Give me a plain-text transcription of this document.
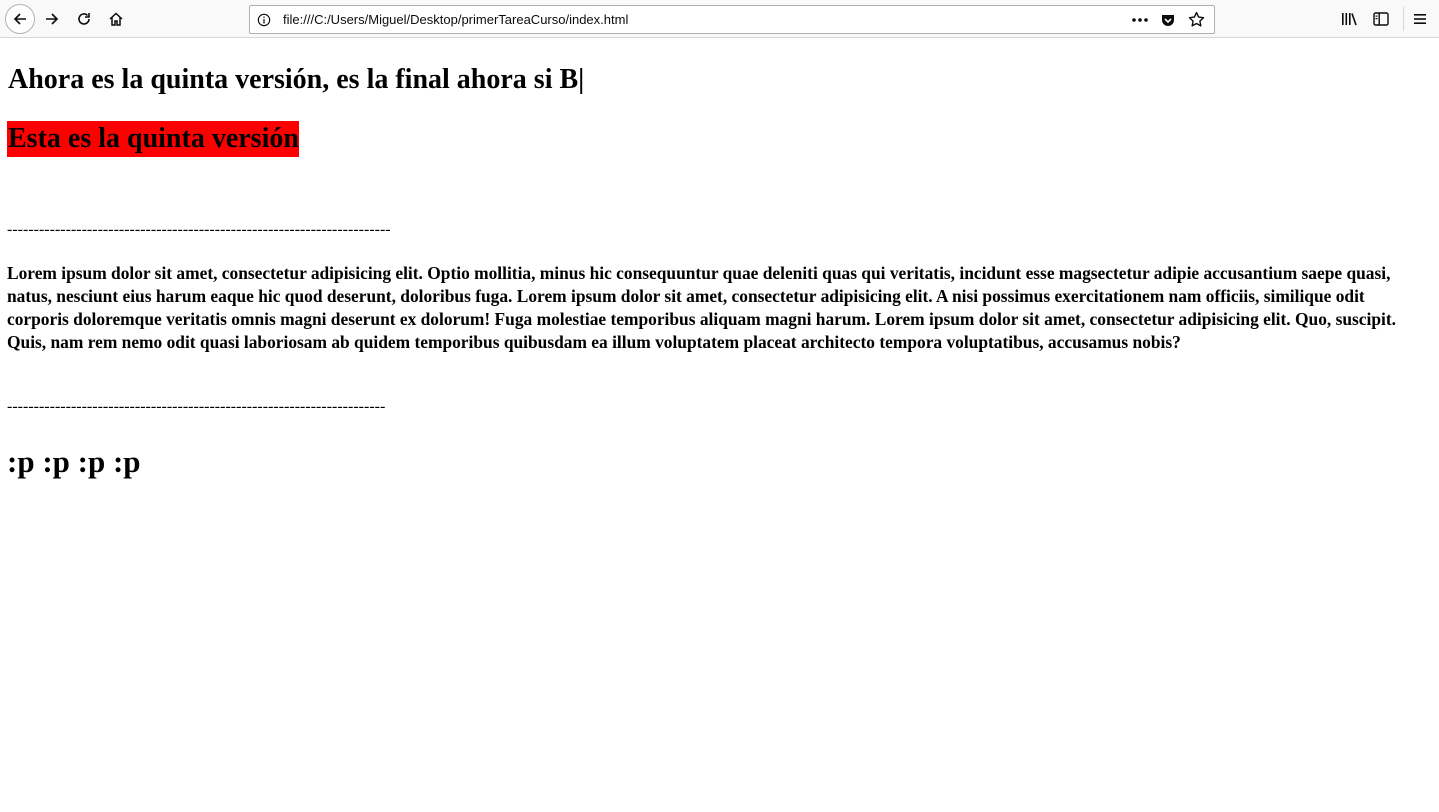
file:///C:/Users/Miguel/Desktop/primerTareaCurso/index.html
Ahora es la quinta versión, es la final ahora si B|
Esta es la quinta versión
------------------------------------------------------------------------

Lorem ipsum dolor sit amet, consectetur adipisicing elit. Optio mollitia, minus hic consequuntur quae deleniti quas qui veritatis, incidunt esse magsectetur adipie accusantium saepe quasi, natus, nesciunt eius harum eaque hic quod deserunt, doloribus fuga. Lorem ipsum dolor sit amet, consectetur adipisicing elit. A nisi possimus exercitationem nam officiis, similique odit corporis doloremque veritatis omnis magni deserunt ex dolorum! Fuga molestiae temporibus aliquam magni harum. Lorem ipsum dolor sit amet, consectetur adipisicing elit. Quo, suscipit. Quis, nam rem nemo odit quasi laboriosam ab quidem temporibus quibusdam ea illum voluptatem placeat architecto tempora voluptatibus, accusamus nobis?

-----------------------------------------------------------------------
:p :p :p :p
